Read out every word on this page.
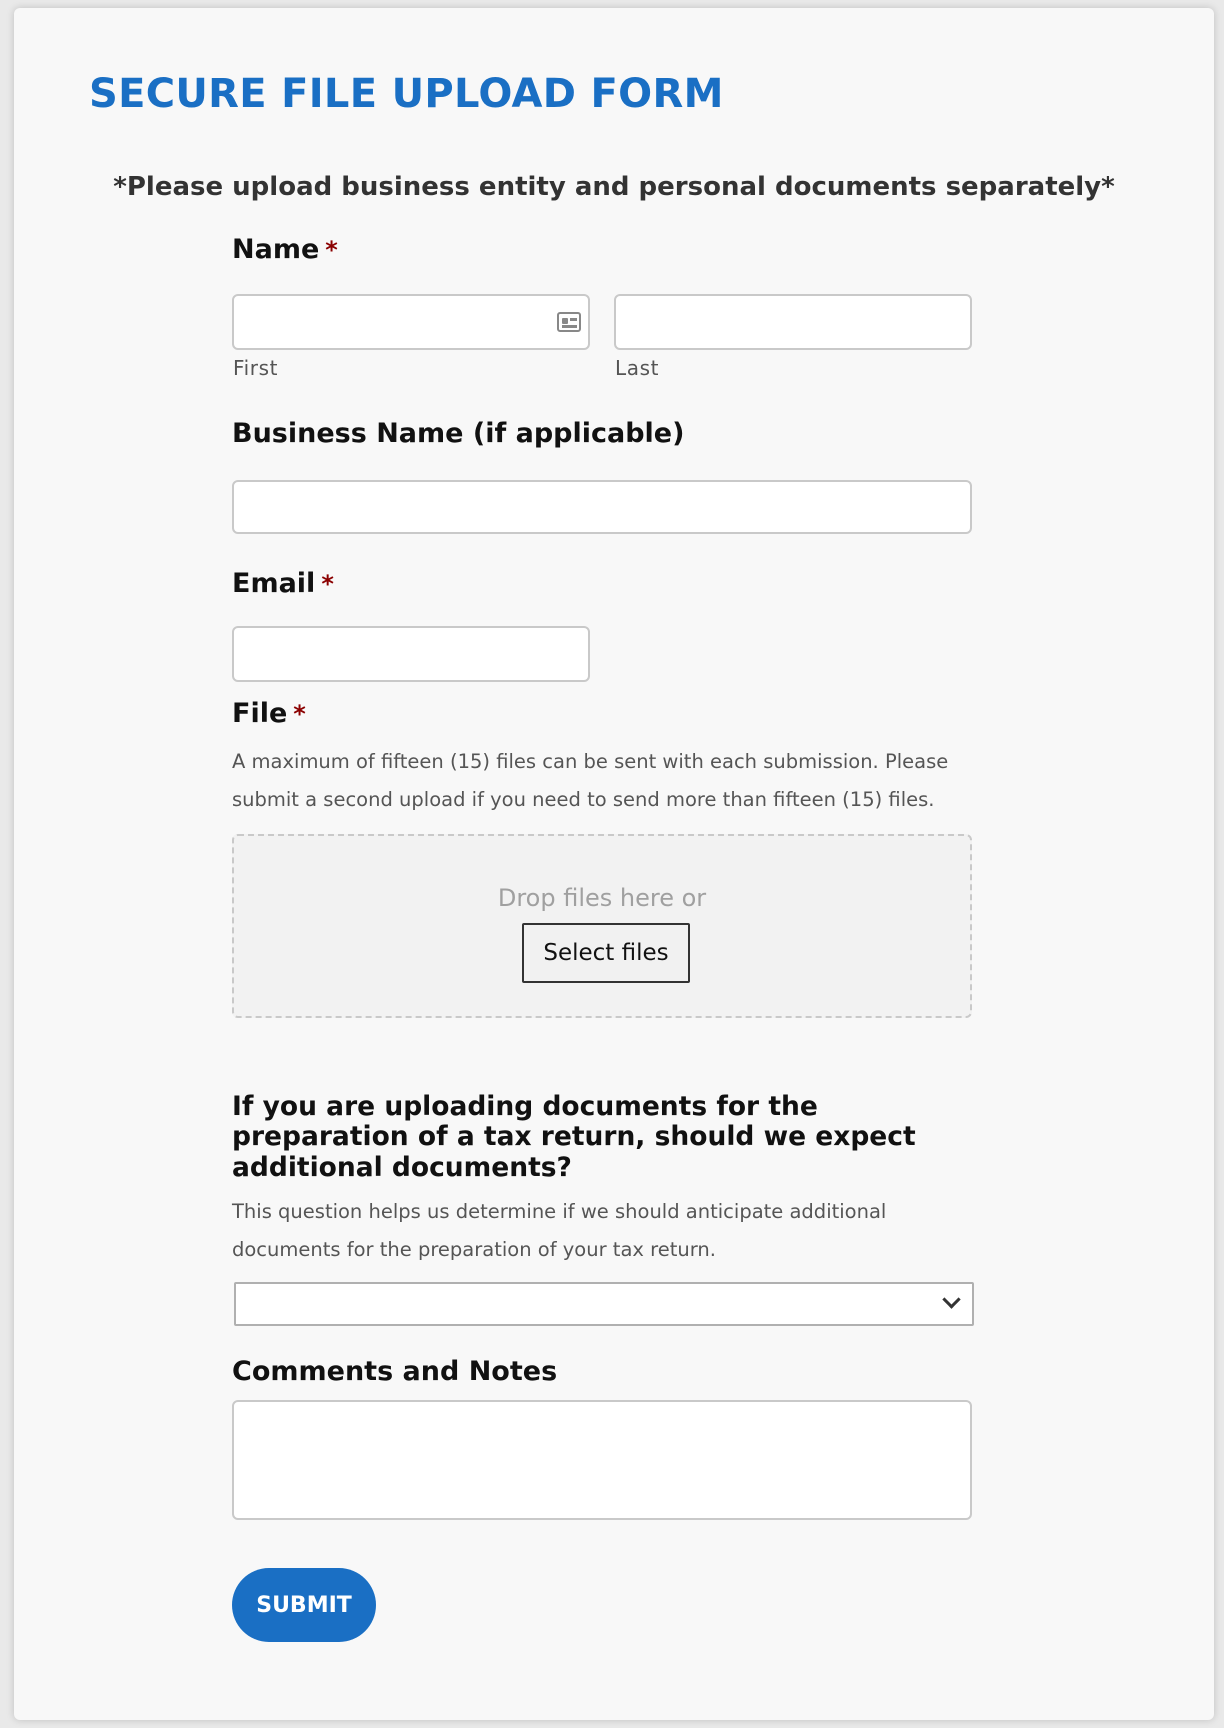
SECURE FILE UPLOAD FORM

*Please upload business entity and personal documents separately*

Name *
First	Last
Business Name (if applicable)
Email *
File *

A maximum of fifteen (15) files can be sent with each submission. Please submit a second upload if you need to send more than fifteen (15) files.

Drop files here or
Select files
If you are uploading documents for the preparation of a tax return, should we expect additional documents?

This question helps us determine if we should anticipate additional documents for the preparation of your tax return.

Comments and Notes
SUBMIT
